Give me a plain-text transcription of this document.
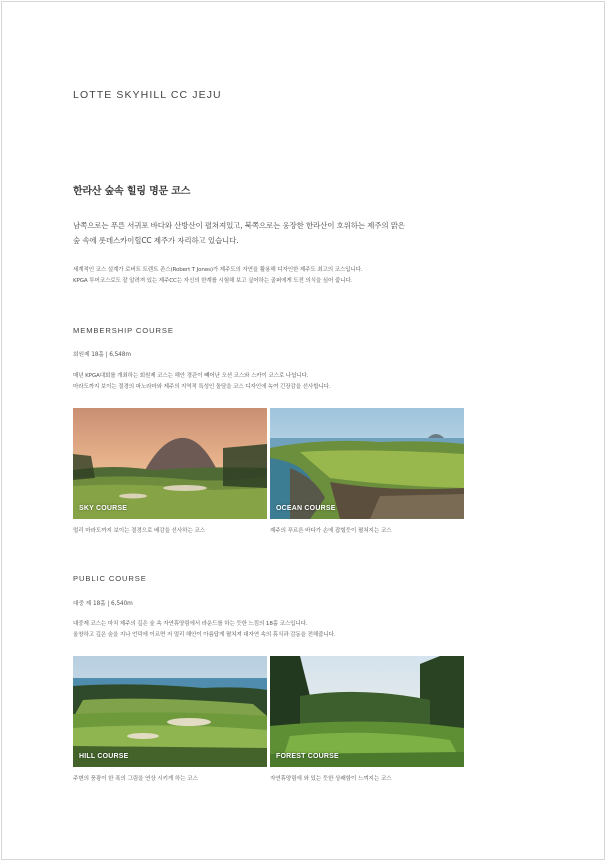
LOTTE SKYHILL CC JEJU
한라산 숲속 힐링 명문 코스
남쪽으로는 푸른 서귀포 바다와 산방산이 펼쳐져있고, 북쪽으로는 웅장한 한라산이 호위하는 제주의 맑은
숲 속에 롯데스카이힐CC 제주가 자리하고 있습니다.
세계적인 코스 설계가 로버트 트렌트 존스(Robert T Jones)가 제주도의 자연을 활용해 디자인한 제주도 최고의 코스입니다.
KPGA 투어코스로도 잘 알려져 있는 제주CC는 자신의 한계를 시험해 보고 싶어하는 골퍼에게 도전 의식을 심어 줍니다.
MEMBERSHIP COURSE
회원제 18홀 | 6,548m
매년 KPGA대회를 개최하는 회원제 코스는 해안 경관이 빼어난 오션 코스와 스카이 코스로 나뉩니다.
마라도까지 보이는 절경의 파노라마와 제주의 지역적 특성인 돌담을 코스 디자인에 녹여 긴장감을 선사합니다.
SKY COURSE
멀리 마라도까지 보이는 절경으로 배감을 선사하는 코스
OCEAN COURSE
제주의 푸르른 바다가 손에 잡힐듯이 펼쳐지는 코스
PUBLIC COURSE
대중 제 18홀 | 6,540m
대중제 코스는 마치 제주의 깊은 숲 속 자연휴양림에서 라운드를 하는 듯한 느낌의 18홀 코스입니다.
울창하고 깊은 숲을 지나 언덕에 이르면 저 멀리 해안이 아름답게 펼쳐져 대자연 속의 휴식과 감동을 전해줍니다.
HILL COURSE
주변의 풍광이 한 폭의 그림을 연상 시키게 하는 코스
FOREST COURSE
자연휴양림에 와 있는 듯한 상쾌함이 느껴지는 코스
